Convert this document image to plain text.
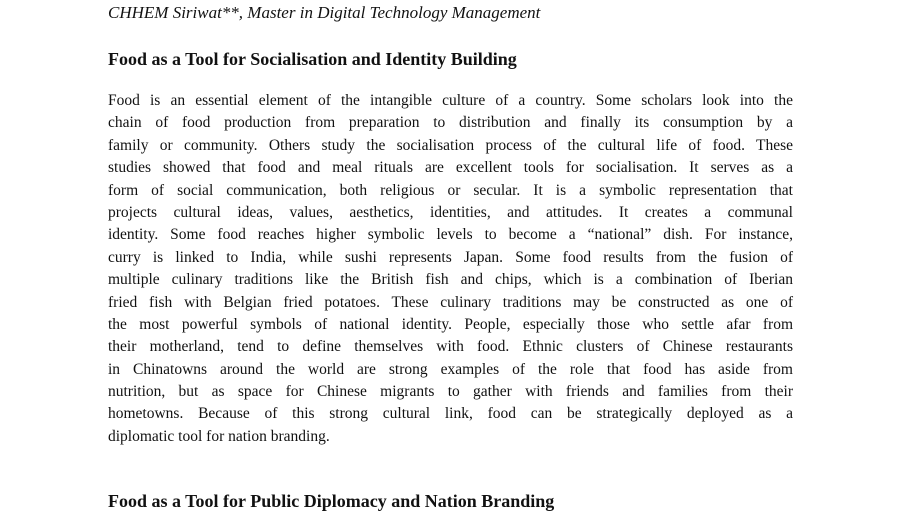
CHHEM Siriwat**, Master in Digital Technology Management
Food as a Tool for Socialisation and Identity Building
Food is an essential element of the intangible culture of a country. Some scholars look into the
chain of food production from preparation to distribution and finally its consumption by a
family or community. Others study the socialisation process of the cultural life of food. These
studies showed that food and meal rituals are excellent tools for socialisation. It serves as a
form of social communication, both religious or secular. It is a symbolic representation that
projects cultural ideas, values, aesthetics, identities, and attitudes. It creates a communal
identity. Some food reaches higher symbolic levels to become a “national” dish. For instance,
curry is linked to India, while sushi represents Japan. Some food results from the fusion of
multiple culinary traditions like the British fish and chips, which is a combination of Iberian
fried fish with Belgian fried potatoes. These culinary traditions may be constructed as one of
the most powerful symbols of national identity. People, especially those who settle afar from
their motherland, tend to define themselves with food. Ethnic clusters of Chinese restaurants
in Chinatowns around the world are strong examples of the role that food has aside from
nutrition, but as space for Chinese migrants to gather with friends and families from their
hometowns. Because of this strong cultural link, food can be strategically deployed as a
diplomatic tool for nation branding.
Food as a Tool for Public Diplomacy and Nation Branding
